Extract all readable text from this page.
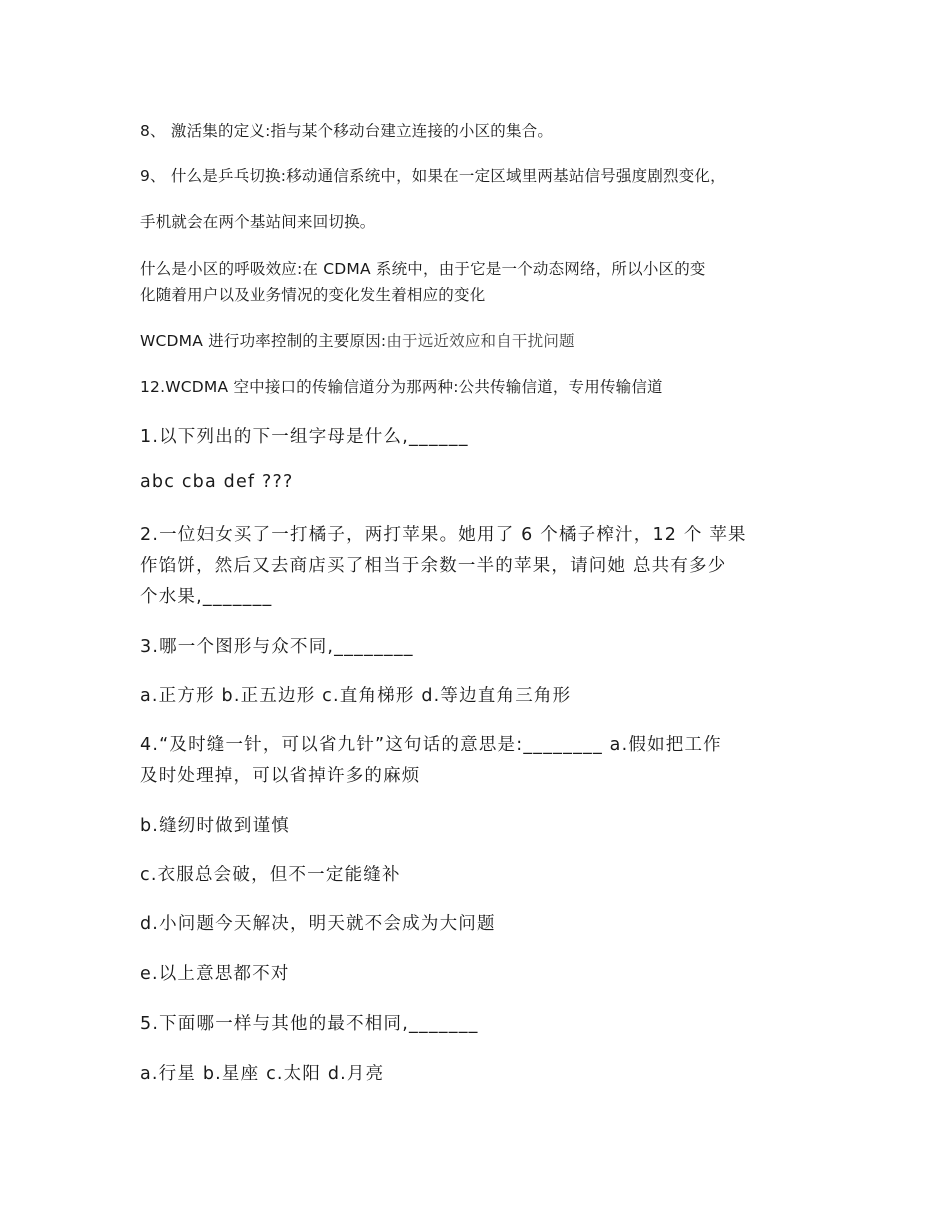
8、 激活集的定义:指与某个移动台建立连接的小区的集合。
9、 什么是乒乓切换:移动通信系统中，如果在一定区域里两基站信号强度剧烈变化，
手机就会在两个基站间来回切换。
什么是小区的呼吸效应:在 CDMA 系统中，由于它是一个动态网络，所以小区的变
化随着用户以及业务情况的变化发生着相应的变化
WCDMA 进行功率控制的主要原因:由于远近效应和自干扰问题
12.WCDMA 空中接口的传输信道分为那两种:公共传输信道，专用传输信道
1.以下列出的下一组字母是什么,______
abc cba def ???
2.一位妇女买了一打橘子，两打苹果。她用了 6 个橘子榨汁，12 个 苹果
作馅饼，然后又去商店买了相当于余数一半的苹果，请问她 总共有多少
个水果,_______
3.哪一个图形与众不同,________
a.正方形 b.正五边形 c.直角梯形 d.等边直角三角形
4.“及时缝一针，可以省九针”这句话的意思是:________ a.假如把工作
及时处理掉，可以省掉许多的麻烦
b.缝纫时做到谨慎
c.衣服总会破，但不一定能缝补
d.小问题今天解决，明天就不会成为大问题
e.以上意思都不对
5.下面哪一样与其他的最不相同,_______
a.行星 b.星座 c.太阳 d.月亮
